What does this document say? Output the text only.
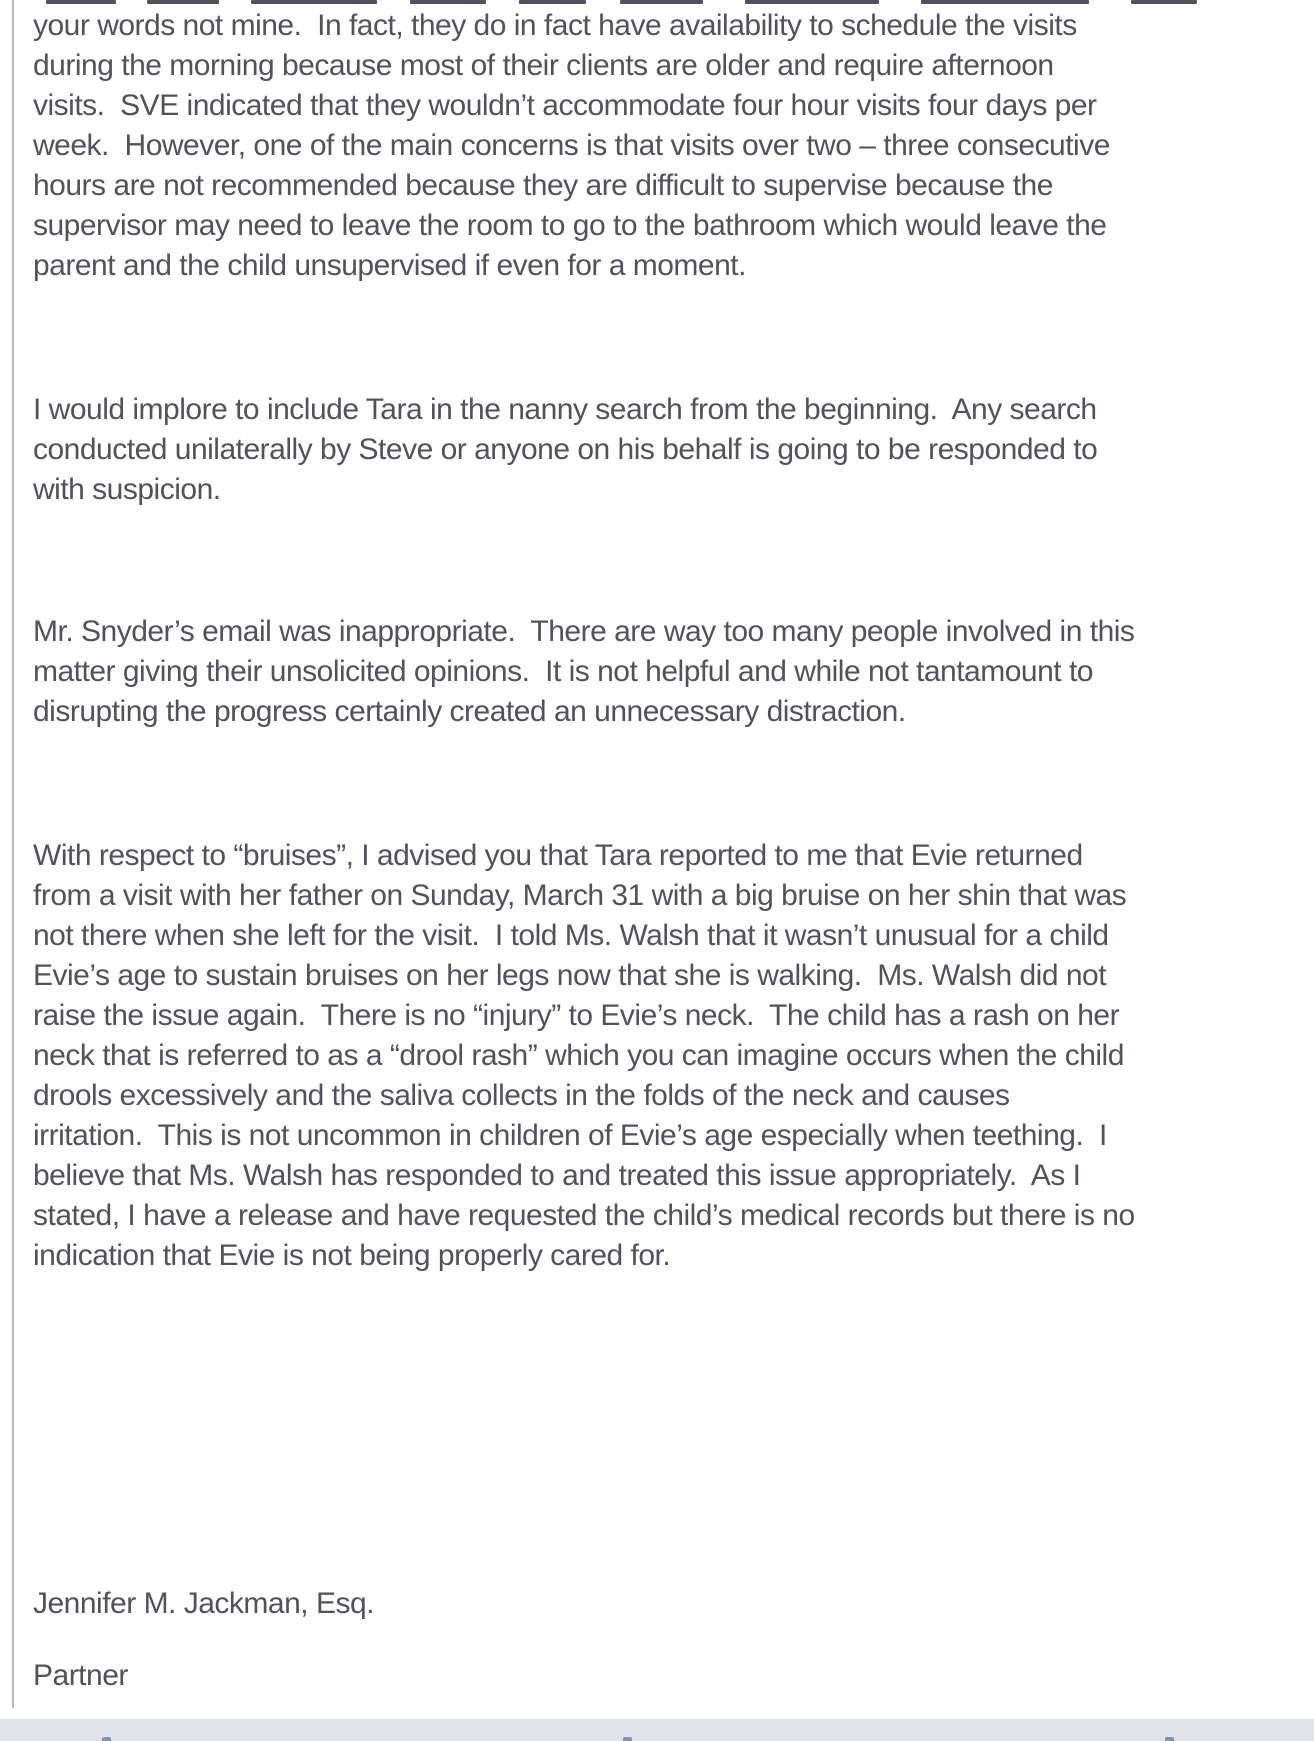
your words not mine.  In fact, they do in fact have availability to schedule the visits
during the morning because most of their clients are older and require afternoon
visits.  SVE indicated that they wouldn’t accommodate four hour visits four days per
week.  However, one of the main concerns is that visits over two – three consecutive
hours are not recommended because they are difficult to supervise because the
supervisor may need to leave the room to go to the bathroom which would leave the
parent and the child unsupervised if even for a moment.
I would implore to include Tara in the nanny search from the beginning.  Any search
conducted unilaterally by Steve or anyone on his behalf is going to be responded to
with suspicion.
Mr. Snyder’s email was inappropriate.  There are way too many people involved in this
matter giving their unsolicited opinions.  It is not helpful and while not tantamount to
disrupting the progress certainly created an unnecessary distraction.
With respect to “bruises”, I advised you that Tara reported to me that Evie returned
from a visit with her father on Sunday, March 31 with a big bruise on her shin that was
not there when she left for the visit.  I told Ms. Walsh that it wasn’t unusual for a child
Evie’s age to sustain bruises on her legs now that she is walking.  Ms. Walsh did not
raise the issue again.  There is no “injury” to Evie’s neck.  The child has a rash on her
neck that is referred to as a “drool rash” which you can imagine occurs when the child
drools excessively and the saliva collects in the folds of the neck and causes
irritation.  This is not uncommon in children of Evie’s age especially when teething.  I
believe that Ms. Walsh has responded to and treated this issue appropriately.  As I
stated, I have a release and have requested the child’s medical records but there is no
indication that Evie is not being properly cared for.
Jennifer M. Jackman, Esq.
Partner
